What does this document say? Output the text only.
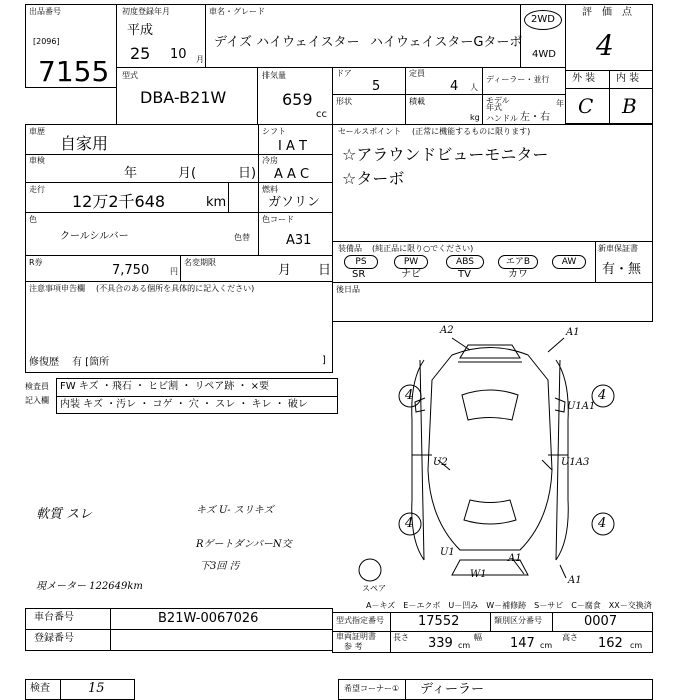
出品番号
[2096]
7155
初度登録年月
平成
25 10 月
車名・グレード
デイズ ハイウェイスター ハイウェイスターGターボ
2WD
4WD
評　価　点
4
外 装 内 装
C B
型式
DBA-B21W
排気量
659
cc
ドア
5
定員
4 人
ディーラー・並行
形状	積載
kg
モデル
年式	年
ハンドル 左・右
車歴
自家用
シフト
I A T
車検
年	月(	日)
冷房
A A C
走行
12万2千648	km
燃料
ガソリン
色
クールシルバー	色替
色コード
A31
R券
7,750	円
名変期限
月 日
セールスポイント (正常に機能するものに限ります)
☆アラウンドビューモニター
☆ターボ
装備品 (純正品に限り○でください)	新車保証書
有・無
PS
SR
PW
ナビ
ABS
TV
エアB
カワ
AW
注意事項申告欄 (不具合のある個所を具体的に記入ください)
修復歴 有 [箇所	]
後日品
検査員
記入欄
FW キズ ・飛石 ・ ヒビ割 ・ リペア跡 ・ ×要
内装 キズ ・汚レ ・ コゲ ・ 穴 ・ スレ ・ キレ ・ 破レ
軟質 スレ	キズ U- スリキズ
RゲートダンパーN交
下3回 汚
現メーター 122649km
4	4
4	4
スペア
A2	A1
U1A1
U2	U1A3
U1
A1
A1
W1
A－キズ　E－エクボ　U－凹み　W－補修跡　S－サビ　C－腐食　XX－交換済
車台番号	B21W-0067026
登録番号
型式指定番号	17552	類別区分番号	0007
車両証明書
参 考
長さ 339 cm
幅 147 cm
高さ 162 cm
検査	15	希望コーナー① ディーラー
